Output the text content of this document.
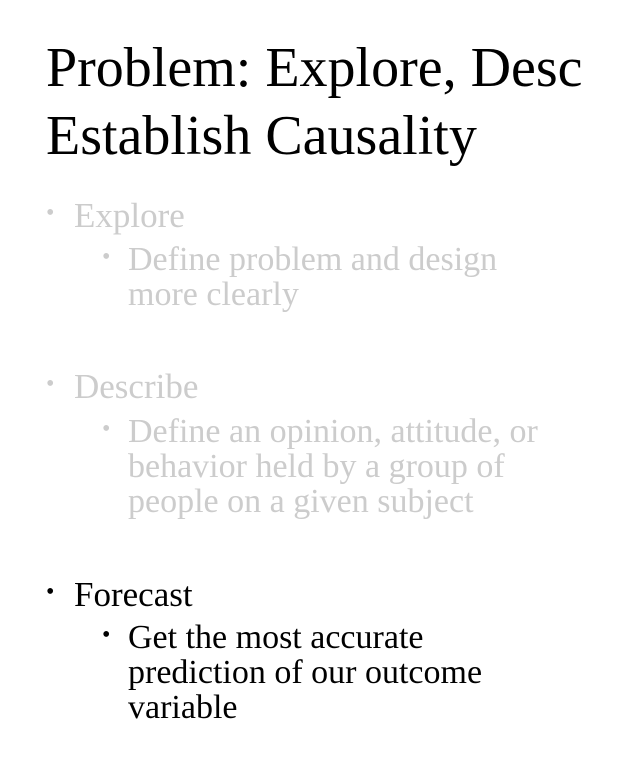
Problem: Explore, Desc
Establish Causality
• Explore
• Define problem and design
more clearly
• Describe
• Define an opinion, attitude, or
behavior held by a group of
people on a given subject
• Forecast
• Get the most accurate
prediction of our outcome
variable
